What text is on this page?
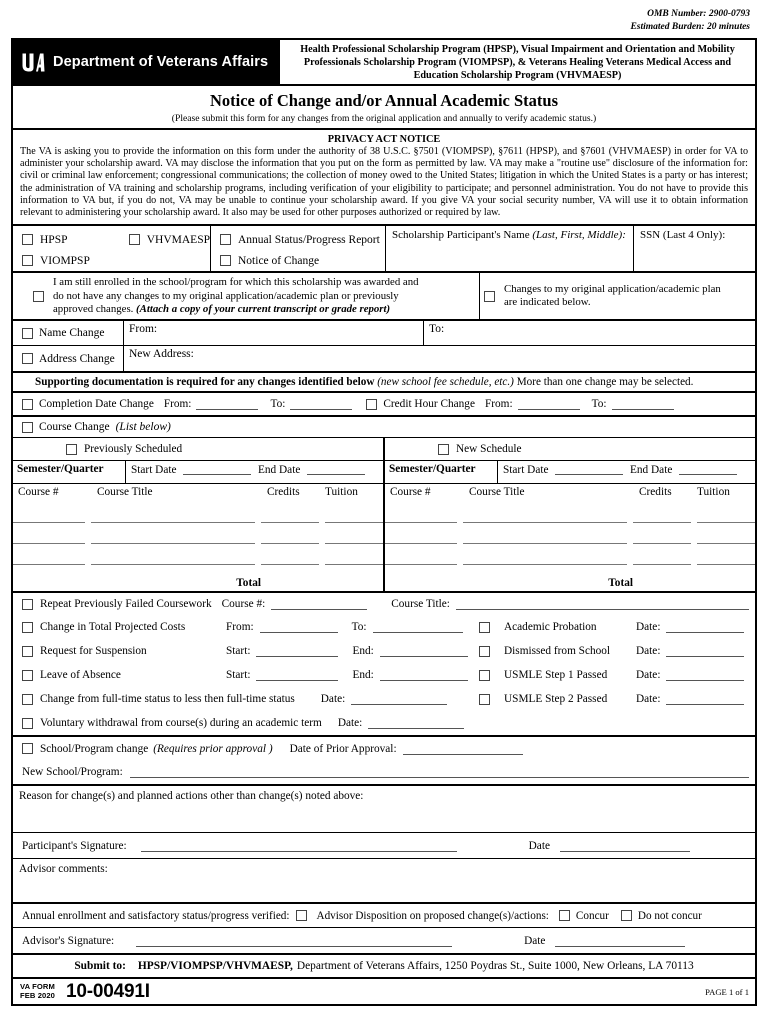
OMB Number: 2900-0793
Estimated Burden: 20 minutes
Department of Veterans Affairs
Health Professional Scholarship Program (HPSP), Visual Impairment and Orientation and Mobility
Professionals Scholarship Program (VIOMPSP), & Veterans Healing Veterans Medical Access and
Education Scholarship Program (VHVMAESP)
Notice of Change and/or Annual Academic Status
(Please submit this form for any changes from the original application and annually to verify academic status.)
PRIVACY ACT NOTICE
The VA is asking you to provide the information on this form under the authority of 38 U.S.C. §7501 (VIOMPSP), §7611 (HPSP), and §7601 (VHVMAESP) in order for VA to administer your scholarship award. VA may disclose the information that you put on the form as permitted by law. VA may make a "routine use" disclosure of the information for: civil or criminal law enforcement; congressional communications; the collection of money owed to the United States; litigation in which the United States is a party or has interest; the administration of VA training and scholarship programs, including verification of your eligibility to participate; and personnel administration. You do not have to provide this information to VA but, if you do not, VA may be unable to continue your scholarship award. If you give VA your social security number, VA will use it to obtain information relevant to administering your scholarship award. It also may be used for other purposes authorized or required by law.
HPSP	VHVMAESP
VIOMPSP
Annual Status/Progress Report
Notice of Change
Scholarship Participant's Name (Last, First, Middle):	SSN (Last 4 Only):
I am still enrolled in the school/program for which this scholarship was awarded and
do not have any changes to my original application/academic plan or previously
approved changes. (Attach a copy of your current transcript or grade report)
Changes to my original application/academic plan
are indicated below.
Name Change	From:	To:
Address Change	New Address:
Supporting documentation is required for any changes identified below (new school fee schedule, etc.) More than one change may be selected.
Completion Date Change From:	To:	Credit Hour Change From:	To:
Course Change (List below)
Previously Scheduled	New Schedule
Semester/Quarter	Start Date	End Date
Course #	Course Title	Credits	Tuition
Total
Semester/Quarter	Start Date	End Date
Course #	Course Title	Credits	Tuition
Total
Repeat Previously Failed Coursework Course #:	Course Title:
Change in Total Projected Costs	From:	To:	Academic Probation	Date:
Request for Suspension	Start:	End:	Dismissed from School	Date:
Leave of Absence	Start:	End:	USMLE Step 1 Passed	Date:
Change from full-time status to less then full-time status Date:	USMLE Step 2 Passed	Date:
Voluntary withdrawal from course(s) during an academic term Date:
School/Program change (Requires prior approval ) Date of Prior Approval:
New School/Program:
Reason for change(s) and planned actions other than change(s) noted above:
Participant's Signature:	Date
Advisor comments:
Annual enrollment and satisfactory status/progress verified: Advisor Disposition on proposed change(s)/actions: Concur	Do not concur
Advisor's Signature:	Date
Submit to: HPSP/VIOMPSP/VHVMAESP, Department of Veterans Affairs, 1250 Poydras St., Suite 1000, New Orleans, LA 70113
VA FORM
FEB 2020 10-00491I	PAGE 1 of 1
